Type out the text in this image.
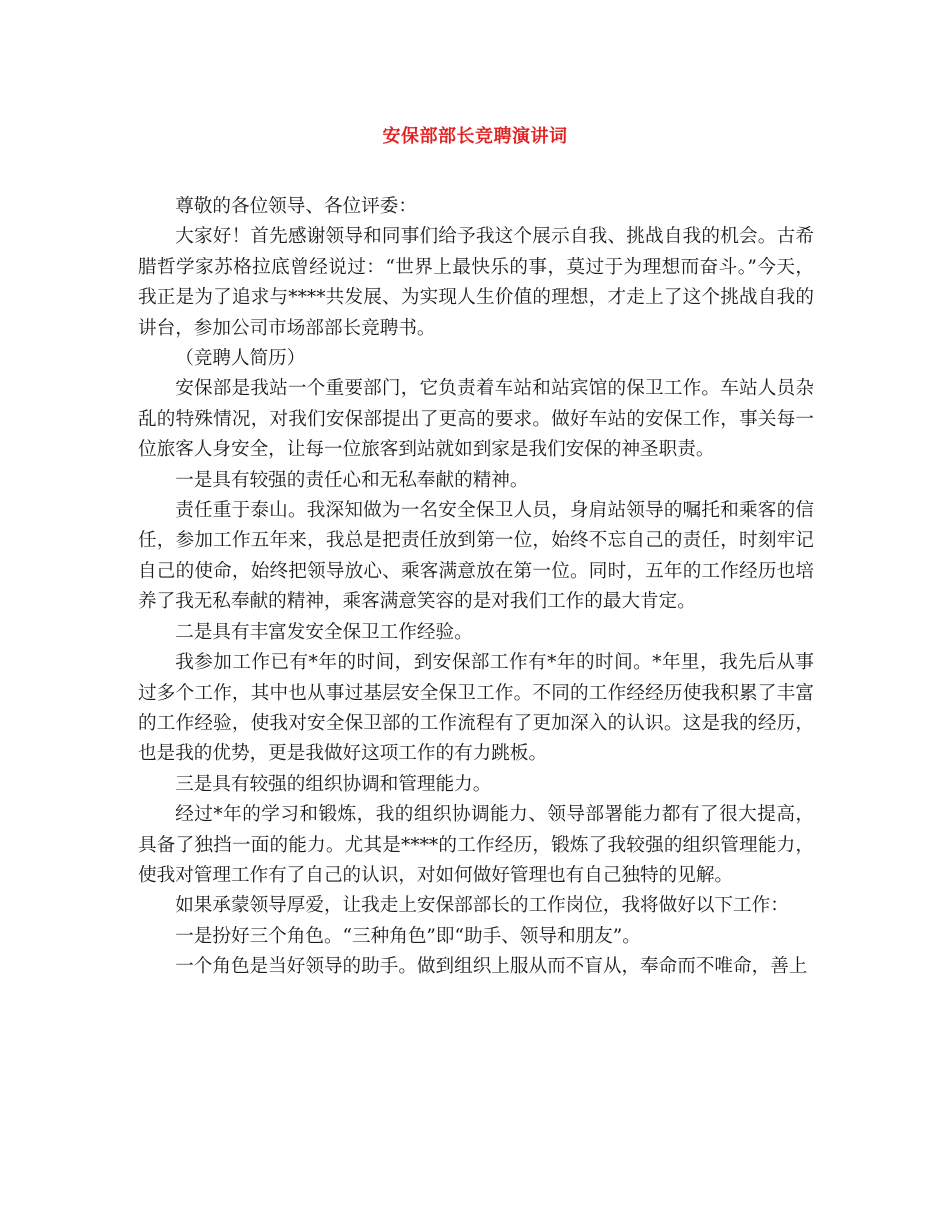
安保部部长竞聘演讲词

尊敬的各位领导、各位评委：

大家好！首先感谢领导和同事们给予我这个展示自我、挑战自我的机会。古希腊哲学家苏格拉底曾经说过：“世界上最快乐的事，莫过于为理想而奋斗。”今天，我正是为了追求与****共发展、为实现人生价值的理想，才走上了这个挑战自我的讲台，参加公司市场部部长竞聘书。

（竞聘人简历）

安保部是我站一个重要部门，它负责着车站和站宾馆的保卫工作。车站人员杂乱的特殊情况，对我们安保部提出了更高的要求。做好车站的安保工作，事关每一位旅客人身安全，让每一位旅客到站就如到家是我们安保的神圣职责。

一是具有较强的责任心和无私奉献的精神。

责任重于泰山。我深知做为一名安全保卫人员，身肩站领导的嘱托和乘客的信任，参加工作五年来，我总是把责任放到第一位，始终不忘自己的责任，时刻牢记自己的使命，始终把领导放心、乘客满意放在第一位。同时，五年的工作经历也培养了我无私奉献的精神，乘客满意笑容的是对我们工作的最大肯定。

二是具有丰富发安全保卫工作经验。

我参加工作已有*年的时间，到安保部工作有*年的时间。*年里，我先后从事过多个工作，其中也从事过基层安全保卫工作。不同的工作经经历使我积累了丰富的工作经验，使我对安全保卫部的工作流程有了更加深入的认识。这是我的经历，也是我的优势，更是我做好这项工作的有力跳板。

三是具有较强的组织协调和管理能力。

经过*年的学习和锻炼，我的组织协调能力、领导部署能力都有了很大提高，具备了独挡一面的能力。尤其是****的工作经历，锻炼了我较强的组织管理能力，使我对管理工作有了自己的认识，对如何做好管理也有自己独特的见解。

如果承蒙领导厚爱，让我走上安保部部长的工作岗位，我将做好以下工作：

一是扮好三个角色。“三种角色”即“助手、领导和朋友”。

一个角色是当好领导的助手。做到组织上服从而不盲从，奉命而不唯命，善上
